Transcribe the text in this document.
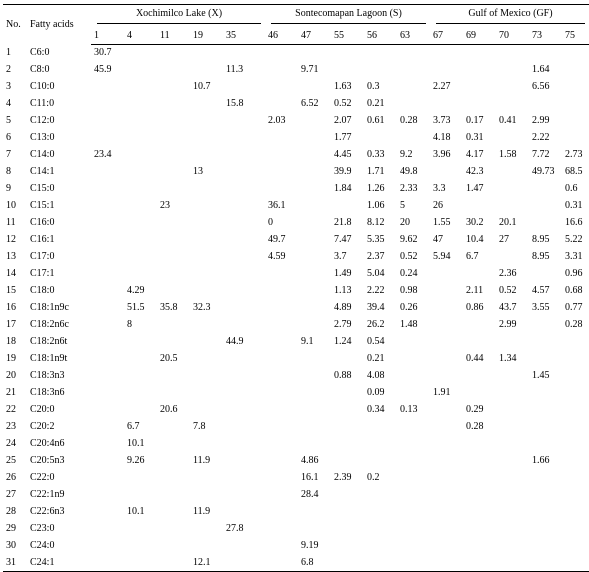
No.	Fatty acids	Xochimilco Lake (X)					Sontecomapan Lagoon (S)					Gulf of Mexico (GF)				

		1	4	11	19	35	46	47	55	56	63	67	69	70	73	75
1	C6:0	30.7														
2	C8:0	45.9				11.3		9.71							1.64	
3	C10:0				10.7				1.63	0.3		2.27			6.56	
4	C11:0					15.8		6.52	0.52	0.21						
5	C12:0						2.03		2.07	0.61	0.28	3.73	0.17	0.41	2.99	
6	C13:0								1.77			4.18	0.31		2.22	
7	C14:0	23.4							4.45	0.33	9.2	3.96	4.17	1.58	7.72	2.73
8	C14:1				13				39.9	1.71	49.8		42.3		49.73	68.5
9	C15:0								1.84	1.26	2.33	3.3	1.47			0.6
10	C15:1			23			36.1			1.06	5	26				0.31
11	C16:0						0		21.8	8.12	20	1.55	30.2	20.1		16.6
12	C16:1						49.7		7.47	5.35	9.62	47	10.4	27	8.95	5.22
13	C17:0						4.59		3.7	2.37	0.52	5.94	6.7		8.95	3.31
14	C17:1								1.49	5.04	0.24			2.36		0.96
15	C18:0		4.29						1.13	2.22	0.98		2.11	0.52	4.57	0.68
16	C18:1n9c		51.5	35.8	32.3				4.89	39.4	0.26		0.86	43.7	3.55	0.77
17	C18:2n6c		8						2.79	26.2	1.48			2.99		0.28
18	C18:2n6t					44.9		9.1	1.24	0.54						
19	C18:1n9t			20.5						0.21			0.44	1.34		
20	C18:3n3								0.88	4.08					1.45	
21	C18:3n6									0.09		1.91				
22	C20:0			20.6						0.34	0.13		0.29			
23	C20:2		6.7		7.8								0.28			
24	C20:4n6		10.1													
25	C20:5n3		9.26		11.9			4.86							1.66	
26	C22:0							16.1	2.39	0.2						
27	C22:1n9							28.4								
28	C22:6n3		10.1		11.9											
29	C23:0					27.8										
30	C24:0							9.19								
31	C24:1				12.1			6.8								
